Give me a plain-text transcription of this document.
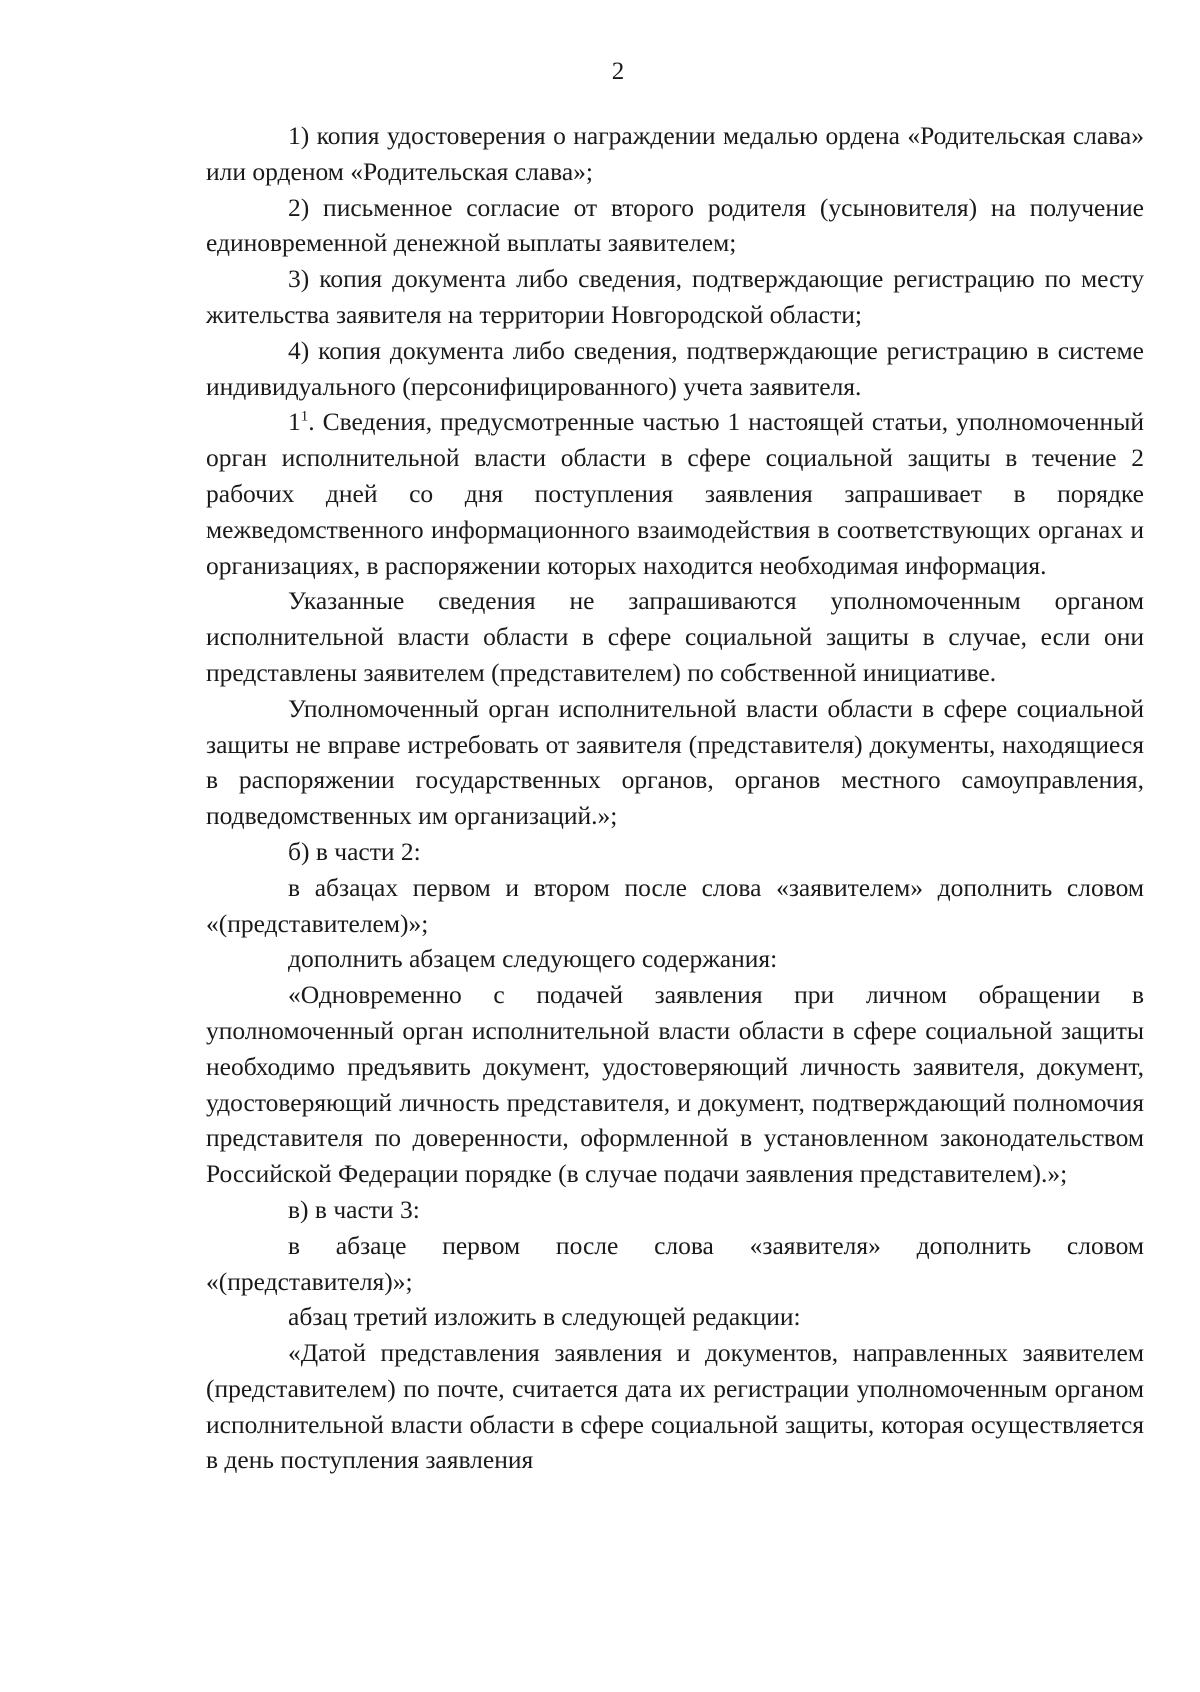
2

1) копия удостоверения о награждении медалью ордена «Родительская слава» или орденом «Родительская слава»;

2) письменное согласие от второго родителя (усыновителя) на получение единовременной денежной выплаты заявителем;

3) копия документа либо сведения, подтверждающие регистрацию по месту жительства заявителя на территории Новгородской области;

4) копия документа либо сведения, подтверждающие регистрацию в системе индивидуального (персонифицированного) учета заявителя.

$1^1$. Сведения, предусмотренные частью 1 настоящей статьи, уполномоченный орган исполнительной власти области в сфере социальной защиты в течение 2 рабочих дней со дня поступления заявления запрашивает в порядке межведомственного информационного взаимодействия в соответствующих органах и организациях, в распоряжении которых находится необходимая информация.

Указанные сведения не запрашиваются уполномоченным органом исполнительной власти области в сфере социальной защиты в случае, если они представлены заявителем (представителем) по собственной инициативе.

Уполномоченный орган исполнительной власти области в сфере социальной защиты не вправе истребовать от заявителя (представителя) документы, находящиеся в распоряжении государственных органов, органов местного самоуправления, подведомственных им организаций.»;

б) в части 2:

в абзацах первом и втором после слова «заявителем» дополнить словом «(представителем)»;

дополнить абзацем следующего содержания:

«Одновременно с подачей заявления при личном обращении в уполномоченный орган исполнительной власти области в сфере социальной защиты необходимо предъявить документ, удостоверяющий личность заявителя, документ, удостоверяющий личность представителя, и документ, подтверждающий полномочия представителя по доверенности, оформленной в установленном законодательством Российской Федерации порядке (в случае подачи заявления представителем).»;

в) в части 3:

в абзаце первом после слова «заявителя» дополнить словом «(представителя)»;

абзац третий изложить в следующей редакции:

«Датой представления заявления и документов, направленных заявителем (представителем) по почте, считается дата их регистрации уполномоченным органом исполнительной власти области в сфере социальной защиты, которая осуществляется в день поступления заявления
